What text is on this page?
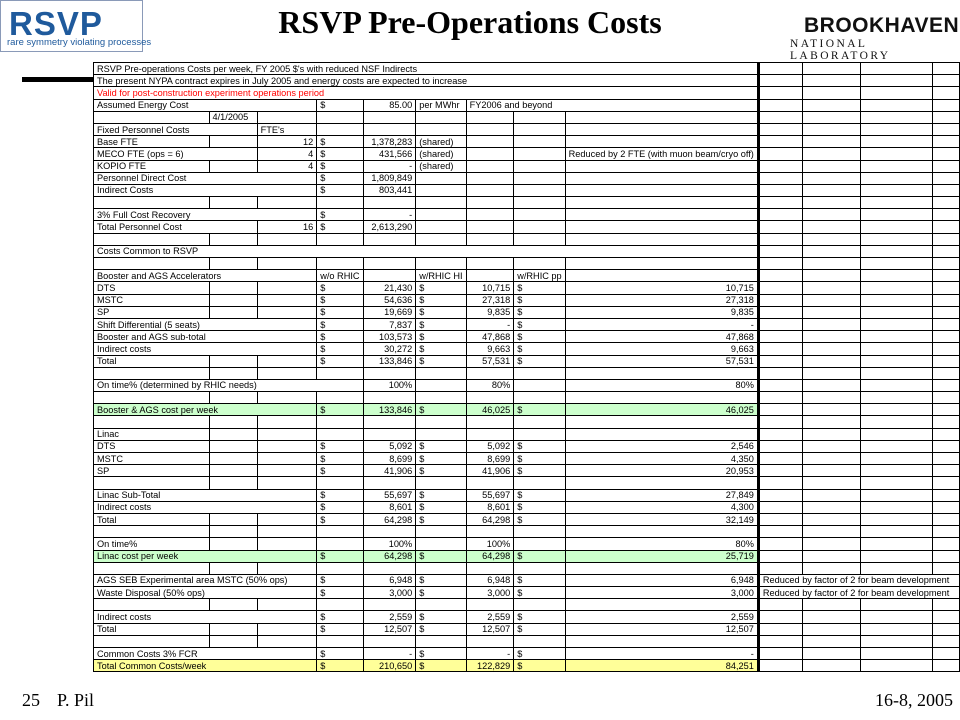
RSVP
rare symmetry violating processes
RSVP Pre-Operations Costs	BROOKHAVEN
NATIONAL LABORATORY
25 P. Pil	16-8, 2005
RSVP Pre-operations Costs per week, FY 2005 $'s with reduced NSF Indirects												
The present NYPA contract expires in July 2005 and energy costs are expected to increase												
Valid for post-construction experiment operations period												
Assumed Energy Cost			$	85.00	per MWhr	FY2006 and beyond						
	4/1/2005											
Fixed Personnel Costs		FTE's										
Base FTE		12	$	1,378,283	(shared)							
MECO FTE (ops = 6)		4	$	431,566	(shared)			Reduced by 2 FTE (with muon beam/cryo off)				
KOPIO FTE		4	$	-	(shared)							
Personnel Direct Cost			$	1,809,849								
Indirect Costs			$	803,441								

3% Full Cost Recovery			$	-								
Total Personnel Cost		16	$	2,613,290								

Costs Common to RSVP												

Booster and AGS Accelerators			w/o RHIC		w/RHIC HI		w/RHIC pp					
DTS			$	21,430	$	10,715	$	10,715				
MSTC			$	54,636	$	27,318	$	27,318				
SP			$	19,669	$	9,835	$	9,835				
Shift Differential (5 seats)			$	7,837	$	-	$	-				
Booster and AGS sub-total			$	103,573	$	47,868	$	47,868				
Indirect costs			$	30,272	$	9,663	$	9,663				
Total			$	133,846	$	57,531	$	57,531				

On time% (determined by RHIC needs)				100%		80%		80%				

Booster & AGS cost per week			$	133,846	$	46,025	$	46,025				

Linac												
DTS			$	5,092	$	5,092	$	2,546				
MSTC			$	8,699	$	8,699	$	4,350				
SP			$	41,906	$	41,906	$	20,953				

Linac Sub-Total			$	55,697	$	55,697	$	27,849				
Indirect costs			$	8,601	$	8,601	$	4,300				
Total			$	64,298	$	64,298	$	32,149				

On time%				100%		100%		80%				
Linac cost per week			$	64,298	$	64,298	$	25,719				

AGS SEB Experimental area MSTC (50% ops)			$	6,948	$	6,948	$	6,948	Reduced by factor of 2 for beam development			
Waste Disposal (50% ops)			$	3,000	$	3,000	$	3,000	Reduced by factor of 2 for beam development			

Indirect costs			$	2,559	$	2,559	$	2,559				
Total			$	12,507	$	12,507	$	12,507				

Common Costs 3% FCR			$	-	$	-	$	-				
Total Common Costs/week			$	210,650	$	122,829	$	84,251				
